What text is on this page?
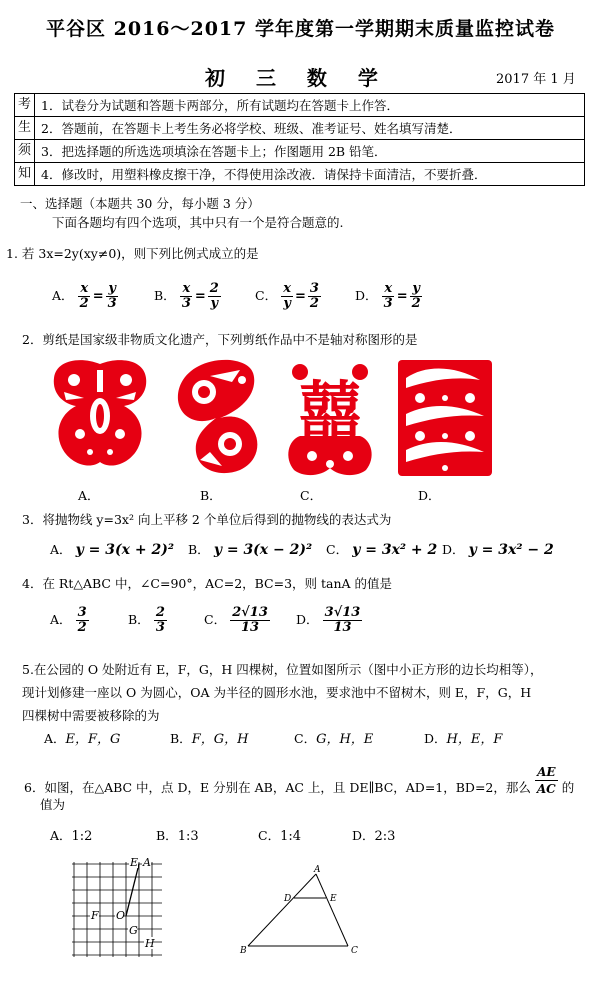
平谷区 2016～2017 学年度第一学期期末质量监控试卷
初 三 数 学	2017 年 1 月
考	1．试卷分为试题和答题卡两部分，所有试题均在答题卡上作答．
生	2．答题前，在答题卡上考生务必将学校、班级、准考证号、姓名填写清楚．
须	3．把选择题的所选选项填涂在答题卡上；作图题用 2B 铅笔．
知	4．修改时，用塑料橡皮擦干净，不得使用涂改液．请保持卡面清洁，不要折叠．
一、选择题（本题共 30 分，每小题 3 分）
下面各题均有四个选项，其中只有一个是符合题意的.
1. 若 3x=2y(xy≠0)，则下列比例式成立的是
A． $\frac{x}{2} = \frac{y}{3}$	B． $\frac{x}{3} = \frac{2}{y}$	C． $\frac{x}{y} = \frac{3}{2}$	D． $\frac{x}{3} = \frac{y}{2}$
2．剪纸是国家级非物质文化遗产，下列剪纸作品中不是轴对称图形的是
囍
A．	B．	C．	D．
3．将抛物线 y=3x² 向上平移 2 个单位后得到的抛物线的表达式为
A． y = 3(x + 2)² B． y = 3(x − 2)² C． y = 3x² + 2 D． y = 3x² − 2
4．在 Rt△ABC 中，∠C=90°，AC=2，BC=3，则 tanA 的值是
A． $\frac{3}{2}$	B． $\frac{2}{3}$	C． $\frac{2√13}{13}$ D． $\frac{3√13}{13}$
5.在公园的 O 处附近有 E，F，G，H 四棵树，位置如图所示（图中小正方形的边长均相等），
现计划修建一座以 O 为圆心，OA 为半径的圆形水池，要求池中不留树木，则 E，F，G，H
四棵树中需要被移除的为
A．E，F，G	B．F，G，H	C．G，H，E	D．H，E，F
6．如图，在△ABC 中，点 D，E 分别在 AB，AC 上，且 DE∥BC，AD=1，BD=2，那么 $\frac{AE}{AC}$ 的
值为
A．1:2	B．1:3	C．1:4	D．2:3
E A
F O
G
H
A
D	E
B	C
